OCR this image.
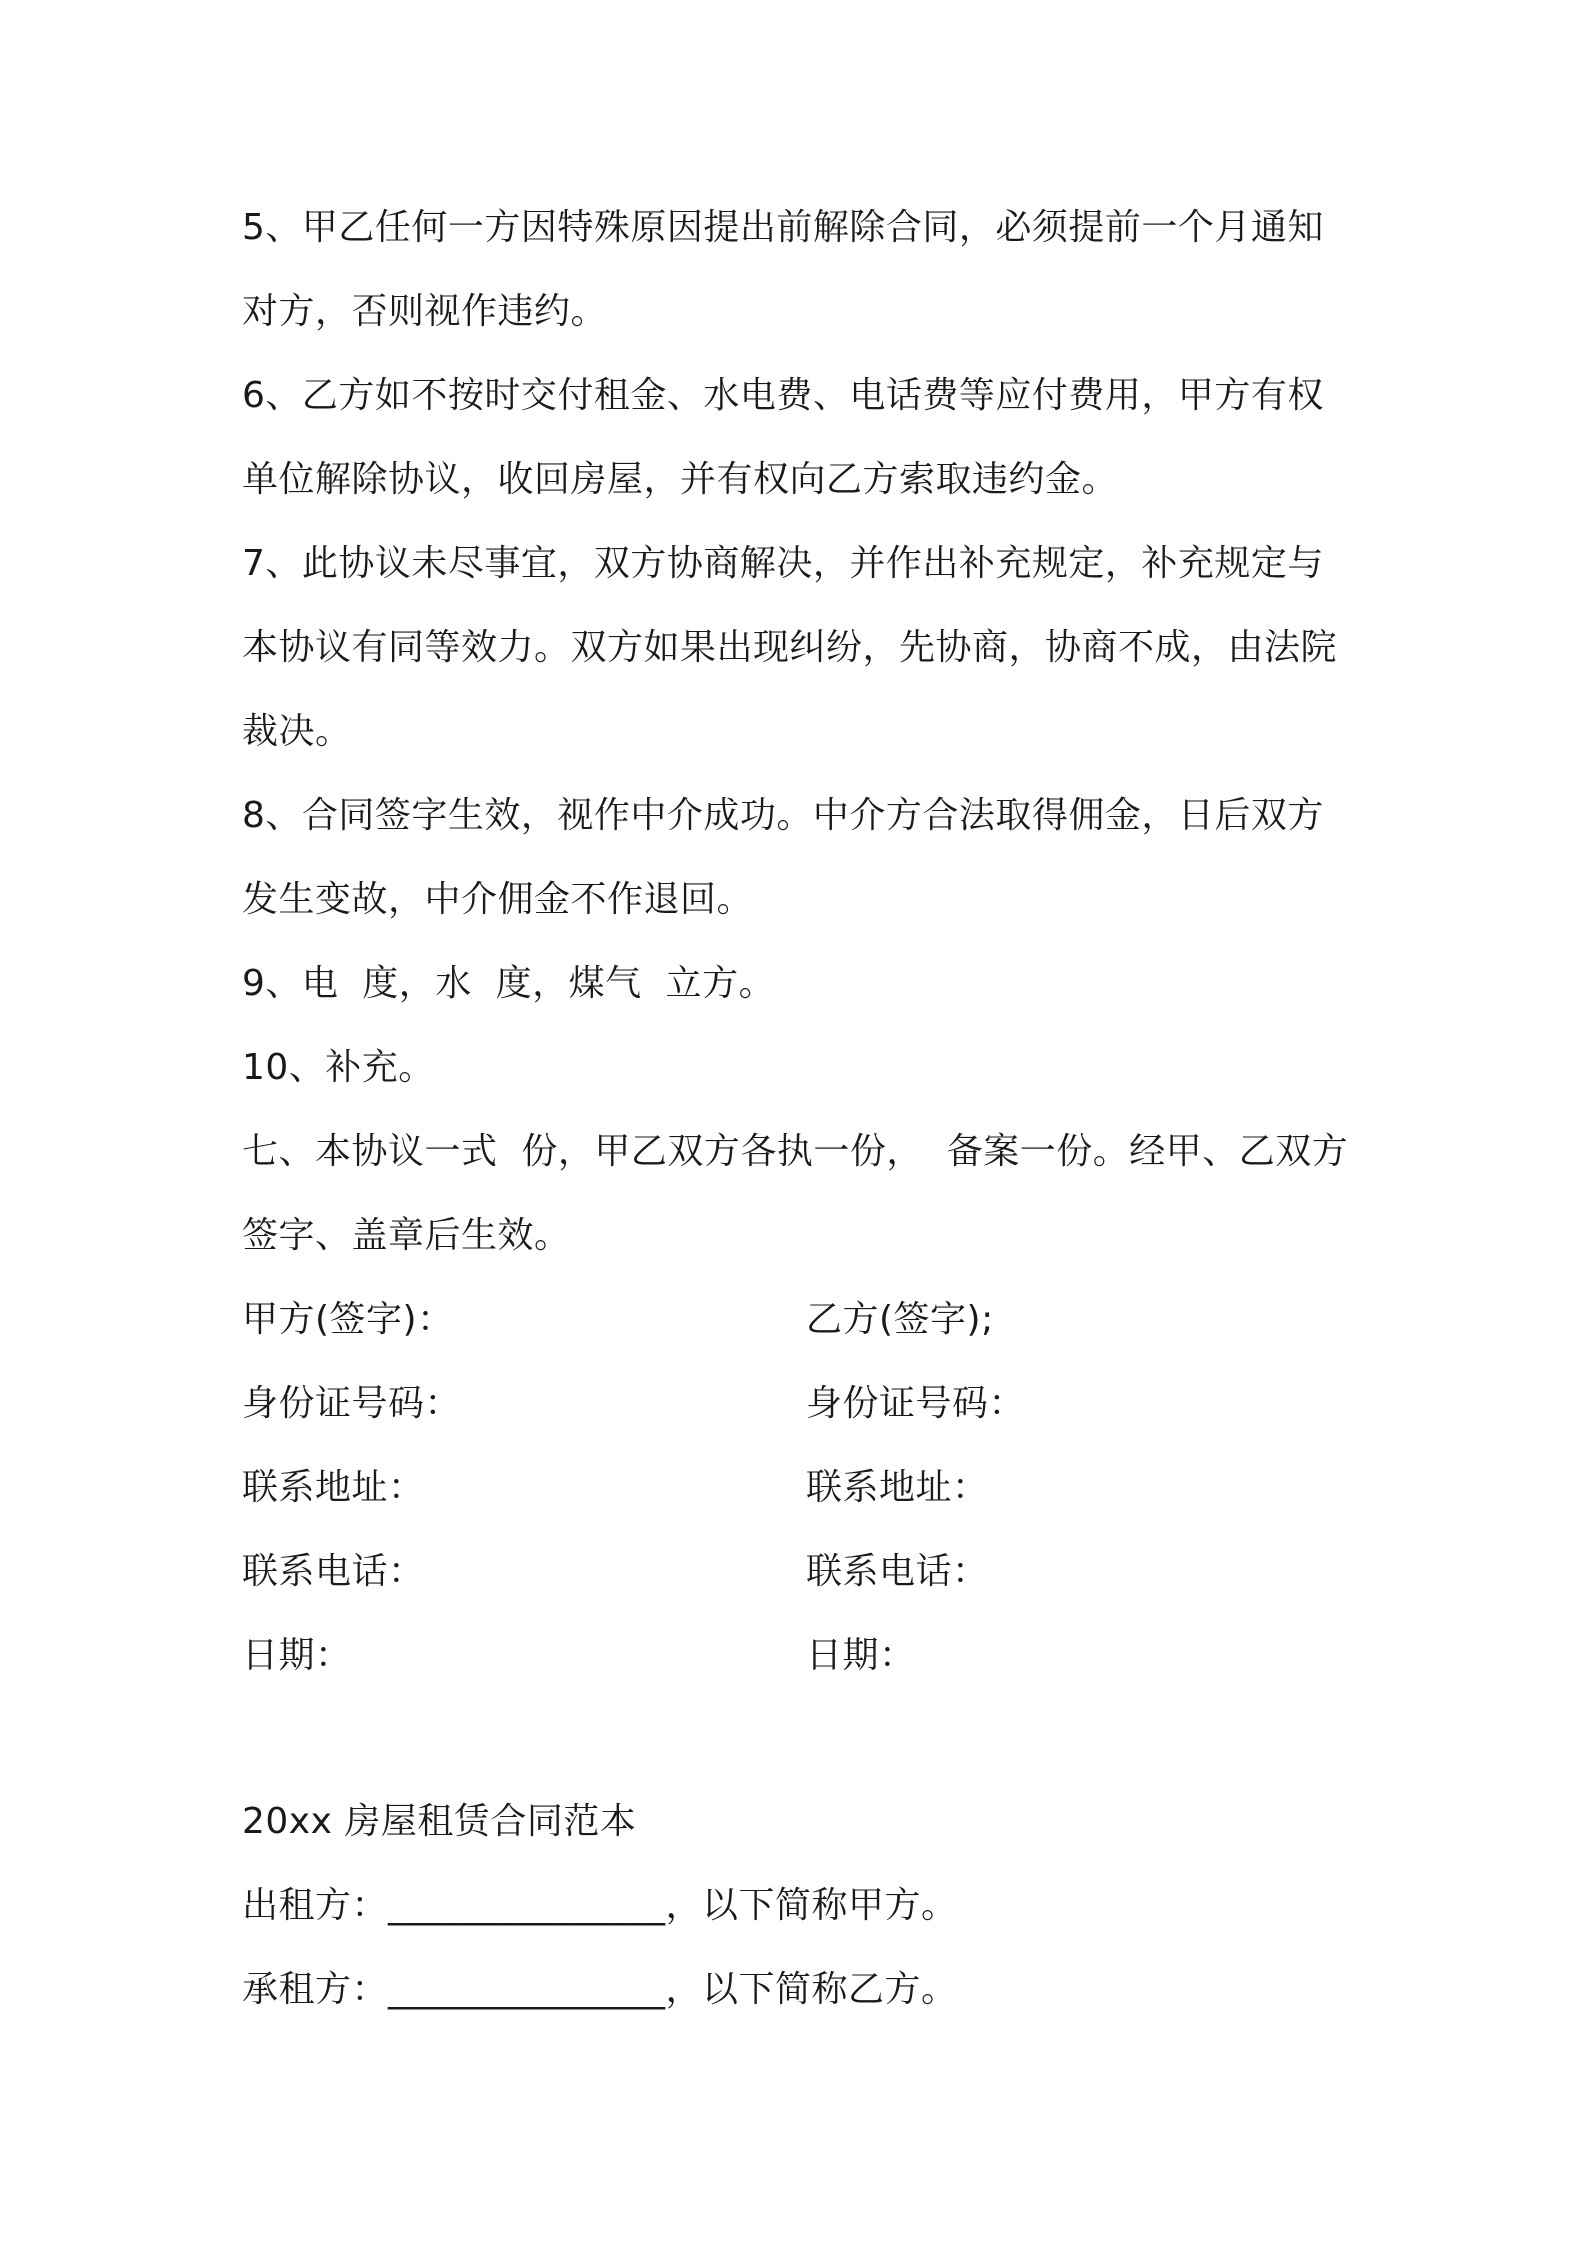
5、甲乙任何一方因特殊原因提出前解除合同，必须提前一个月通知
对方，否则视作违约。
6、乙方如不按时交付租金、水电费、电话费等应付费用，甲方有权
单位解除协议，收回房屋，并有权向乙方索取违约金。
7、此协议未尽事宜，双方协商解决，并作出补充规定，补充规定与
本协议有同等效力。双方如果出现纠纷，先协商，协商不成，由法院
裁决。
8、合同签字生效，视作中介成功。中介方合法取得佣金，日后双方
发生变故，中介佣金不作退回。
9、电  度，水  度，煤气  立方。
10、补充。
七、本协议一式  份，甲乙双方各执一份，  备案一份。经甲、乙双方
签字、盖章后生效。
甲方(签字)：	乙方(签字);
身份证号码：	身份证号码：
联系地址：	联系地址：
联系电话：	联系电话：
日期：	日期：
20xx 房屋租赁合同范本
出租方：_______________，以下简称甲方。
承租方：_______________，以下简称乙方。
